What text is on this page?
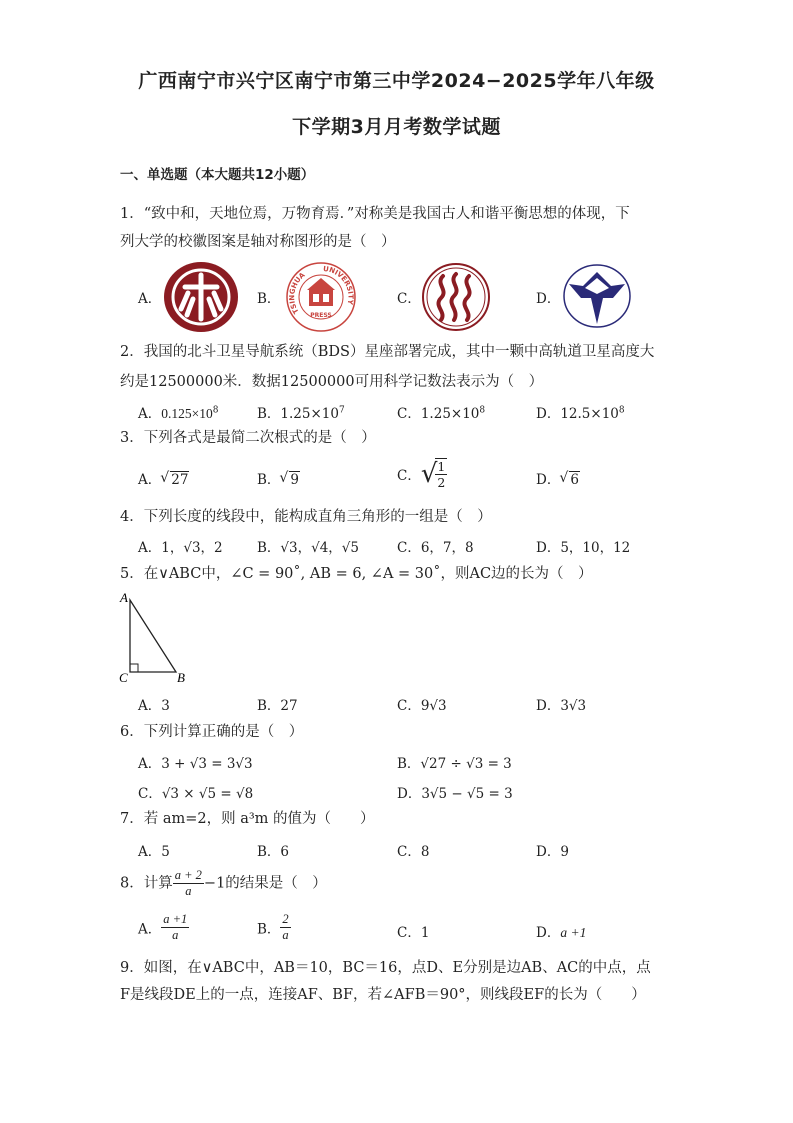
广西南宁市兴宁区南宁市第三中学2024−2025学年八年级
下学期3月月考数学试题
一、单选题（本大题共12小题）
1．“致中和，天地位焉，万物育焉．”对称美是我国古人和谐平衡思想的体现，下
列大学的校徽图案是轴对称图形的是（　）
A．	B．
TSINGHUA
UNIVERSITY
PRESS
C．	D．
2．我国的北斗卫星导航系统（BDS）星座部署完成，其中一颗中高轨道卫星高度大
约是12500000米．数据12500000可用科学记数法表示为（　）
A．$0.125\times 10^8$	B．$1.25\times 10^7$	C．$1.25\times 10^8$	D．$12.5\times 10^8$
3．下列各式是最简二次根式的是（　）
A． √ 27	B． √ 9	C． √
$\frac{1}{2}$	D． √ 6
4．下列长度的线段中，能构成直角三角形的一组是（　）
A．1，√3，2	B．√3，√4，√5	C．6，7，8	D．5，10，12
5．在∨ABC中，∠C = 90˚, AB = 6, ∠A = 30˚，则AC边的长为（　）
A
C	B
A．3	B．27	C．9√3	D．3√3
6．下列计算正确的是（　）
A．3 + √3 = 3√3	B．√27 ÷ √3 = 3
C．√3 × √5 = √8	D．3√5 − √5 = 3
7．若 am=2，则 a³m 的值为（　　）
A．5	B．6	C．8	D．9
8．计算 $\frac{a + 2}{a} -1$的结果是（　）
A． $\frac{a +1}{a}$	B． $\frac{2}{a}$	C．1	D．a +1
9．如图，在∨ABC中，AB＝10，BC＝16，点D、E分别是边AB、AC的中点，点
F是线段DE上的一点，连接AF、BF，若∠AFB＝90°，则线段EF的长为（　　）
